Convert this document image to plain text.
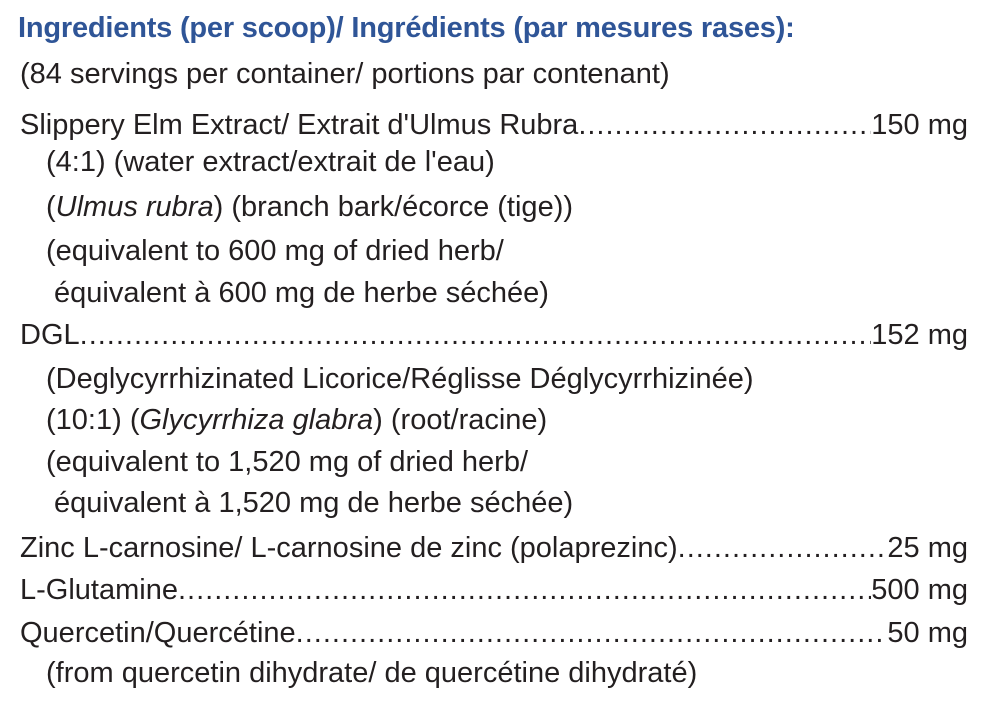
Ingredients (per scoop)/ Ingrédients (par mesures rases):
(84 servings per container/ portions par contenant)
Slippery Elm Extract/ Extrait d'Ulmus Rubra .....	150 mg
(4:1) (water extract/extrait de l'eau)
(Ulmus rubra) (branch bark/écorce (tige))
(equivalent to 600 mg of dried herb/
équivalent à 600 mg de herbe séchée)
DGL .....	152 mg
(Deglycyrrhizinated Licorice/Réglisse Déglycyrrhizinée)
(10:1) (Glycyrrhiza glabra) (root/racine)
(equivalent to 1,520 mg of dried herb/
équivalent à 1,520 mg de herbe séchée)
Zinc L-carnosine/ L-carnosine de zinc (polaprezinc) .....	25 mg
L-Glutamine .....	500 mg
Quercetin/Quercétine .....	50 mg
(from quercetin dihydrate/ de quercétine dihydraté)
